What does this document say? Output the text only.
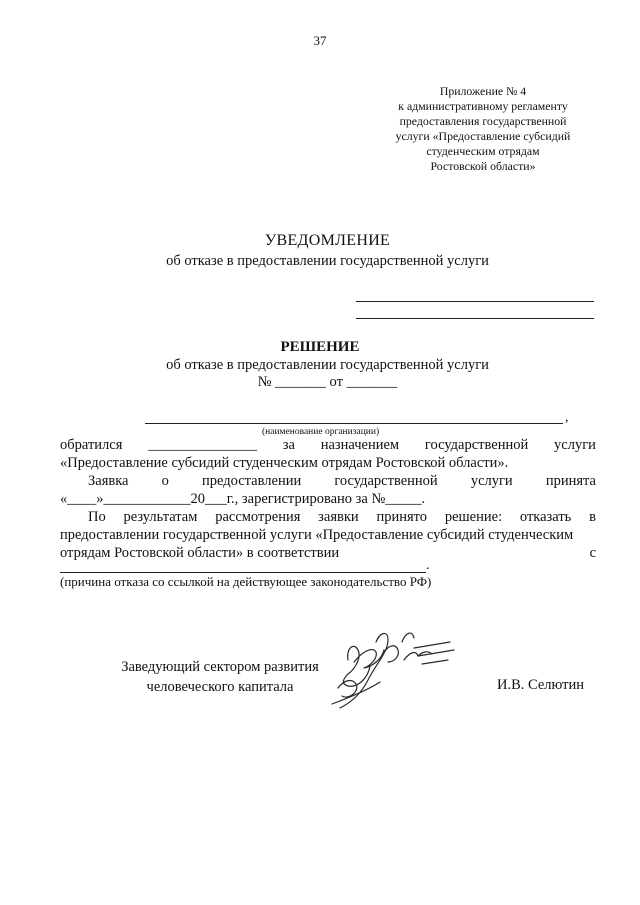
37
Приложение № 4
к административному регламенту
предоставления государственной
услуги «Предоставление субсидий
студенческим отрядам
Ростовской области»
УВЕДОМЛЕНИЕ
об отказе в предоставлении государственной услуги
РЕШЕНИЕ
об отказе в предоставлении государственной услуги
№ _______ от _______
,
(наименование организации)
обратился _______________ за назначением государственной услуги
«Предоставление субсидий студенческим отрядам Ростовской области».
Заявка о предоставлении государственной услуги принята
«____»____________20___г., зарегистрировано за №_____.
По результатам рассмотрения заявки принято решение: отказать в
предоставлении государственной услуги «Предоставление субсидий студенческим
отрядам Ростовской области» в соответствии	с
.
(причина отказа со ссылкой на действующее законодательство РФ)
Заведующий сектором развития
человеческого капитала	И.В. Селютин
